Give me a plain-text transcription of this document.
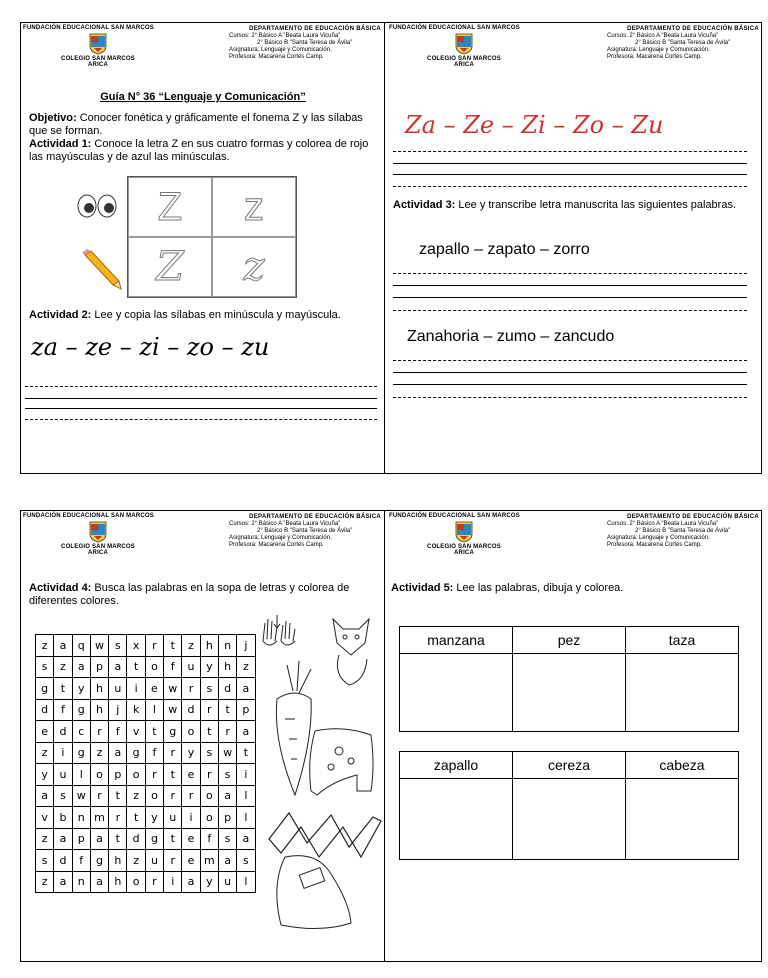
FUNDACIÓN EDUCACIONAL SAN MARCOS
COLEGIO SAN MARCOS
ARICA
DEPARTAMENTO DE EDUCACIÓN BÁSICA
Cursos: 2° Básico A "Beata Laura Vicuña"
2° Básico B "Santa Teresa de Ávila"
Asignatura: Lenguaje y Comunicación.
Profesora: Macarena Cortés Camp.
Guía N° 36 “Lenguaje y Comunicación”
Objetivo: Conocer fonética y gráficamente el fonema Z y las sílabas que se forman.
Actividad 1: Conoce la letra Z en sus cuatro formas y colorea de rojo las mayúsculas y de azul las minúsculas.
Z	z
Z	z
Actividad 2: Lee y copia las sílabas en minúscula y mayúscula.
za – ze – zi – zo – zu
FUNDACIÓN EDUCACIONAL SAN MARCOS
COLEGIO SAN MARCOS
ARICA
DEPARTAMENTO DE EDUCACIÓN BÁSICA
Cursos: 2° Básico A "Beata Laura Vicuña"
2° Básico B "Santa Teresa de Ávila"
Asignatura: Lenguaje y Comunicación.
Profesora: Macarena Cortés Camp.
Za – Ze – Zi – Zo – Zu
Actividad 3: Lee y transcribe letra manuscrita las siguientes palabras.
zapallo – zapato – zorro
Zanahoria – zumo – zancudo
FUNDACIÓN EDUCACIONAL SAN MARCOS
COLEGIO SAN MARCOS
ARICA
DEPARTAMENTO DE EDUCACIÓN BÁSICA
Cursos: 2° Básico A "Beata Laura Vicuña"
2° Básico B "Santa Teresa de Ávila"
Asignatura: Lenguaje y Comunicación.
Profesora: Macarena Cortés Camp.
Actividad 4: Busca las palabras en la sopa de letras y colorea de diferentes colores.
z	a	q	w	s	x	r	t	z	h	n	j
s	z	a	p	a	t	o	f	u	y	h	z
g	t	y	h	u	i	e	w	r	s	d	a
d	f	g	h	j	k	l	w	d	r	t	p
e	d	c	r	f	v	t	g	o	t	r	a
z	i	g	z	a	g	f	r	y	s	w	t
y	u	l	o	p	o	r	t	e	r	s	i
a	s	w	r	t	z	o	r	r	o	a	l
v	b	n	m	r	t	y	u	i	o	p	l
z	a	p	a	t	d	g	t	e	f	s	a
s	d	f	g	h	z	u	r	e	m	a	s
z	a	n	a	h	o	r	i	a	y	u	l
FUNDACIÓN EDUCACIONAL SAN MARCOS
COLEGIO SAN MARCOS
ARICA
DEPARTAMENTO DE EDUCACIÓN BÁSICA
Cursos: 2° Básico A "Beata Laura Vicuña"
2° Básico B "Santa Teresa de Ávila"
Asignatura: Lenguaje y Comunicación.
Profesora: Macarena Cortés Camp.
Actividad 5: Lee las palabras, dibuja y colorea.
manzana	pez	taza

zapallo	cereza	cabeza
